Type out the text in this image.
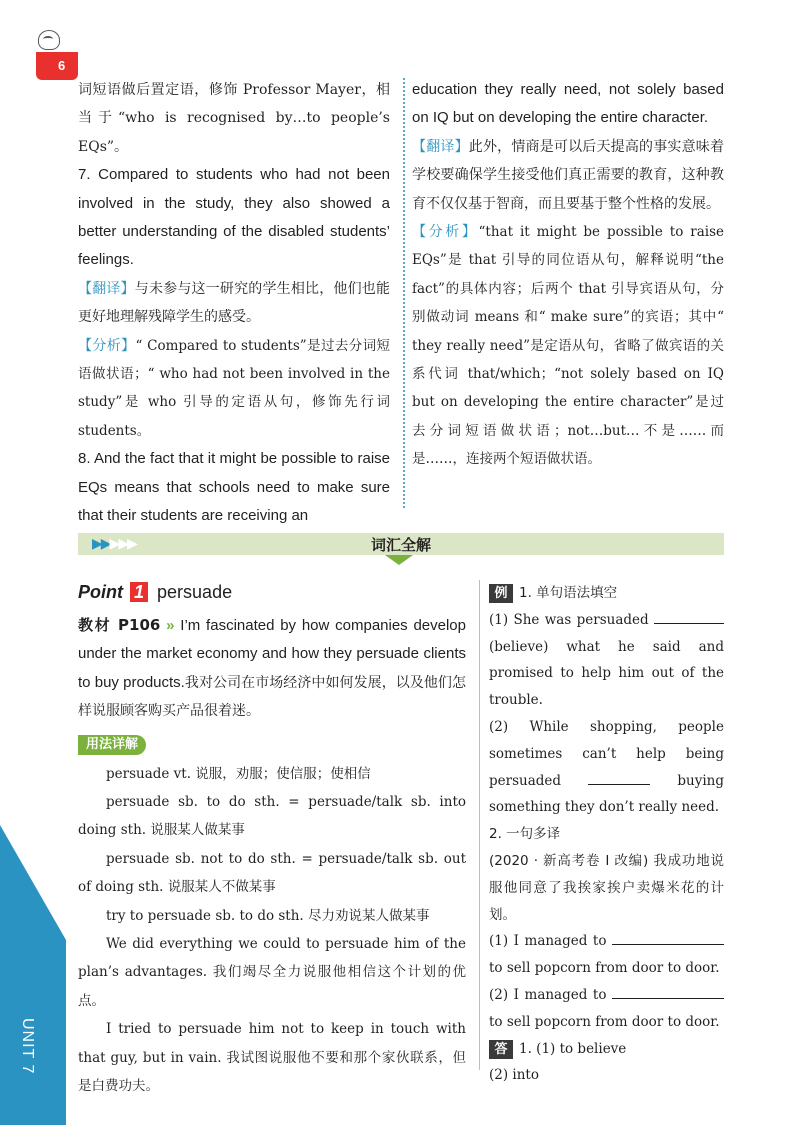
6
UNIT 7

词短语做后置定语，修饰 Professor Mayer，相当于“who is recognised by…to people’s EQs”。

7. Compared to students who had not been involved in the study, they also showed a better understanding of the disabled students’ feelings.

【翻译】与未参与这一研究的学生相比，他们也能更好地理解残障学生的感受。

【分析】“ Compared to students”是过去分词短语做状语；“ who had not been involved in the study”是 who 引导的定语从句，修饰先行词 students。

8. And the fact that it might be possible to raise EQs means that schools need to make sure that their students are receiving an

education they really need, not solely based on IQ but on developing the entire character.

【翻译】此外，情商是可以后天提高的事实意味着学校要确保学生接受他们真正需要的教育，这种教育不仅仅基于智商，而且要基于整个性格的发展。

【分析】“that it might be possible to raise EQs”是 that 引导的同位语从句，解释说明“the fact”的具体内容；后两个 that 引导宾语从句，分别做动词 means 和“ make sure”的宾语；其中“ they really need”是定语从句，省略了做宾语的关系代词 that/which；“not solely based on IQ but on developing the entire character”是过去分词短语做状语；not…but…不是……而是……，连接两个短语做状语。

▶▶▶▶▶	词汇全解
Point 1 persuade

教材 P106 » I’m fascinated by how companies develop under the market economy and how they persuade clients to buy products.我对公司在市场经济中如何发展，以及他们怎样说服顾客购买产品很着迷。

用法详解

persuade vt. 说服，劝服；使信服；使相信

persuade sb. to do sth. = persuade/talk sb. into doing sth. 说服某人做某事

persuade sb. not to do sth. = persuade/talk sb. out of doing sth. 说服某人不做某事

try to persuade sb. to do sth. 尽力劝说某人做某事

We did everything we could to persuade him of the plan’s advantages. 我们竭尽全力说服他相信这个计划的优点。

I tried to persuade him not to keep in touch with that guy, but in vain. 我试图说服他不要和那个家伙联系，但是白费功夫。

例 1. 单句语法填空

(1) She was persuaded  (believe) what he said and promised to help him out of the trouble.

(2) While shopping, people sometimes can’t help being persuaded	buying something they don’t really need.

2. 一句多译

(2020 · 新高考卷 I 改编) 我成功地说服他同意了我挨家挨户卖爆米花的计划。

(1) I managed to  to sell popcorn from door to door.

(2) I managed to  to sell popcorn from door to door.

答 1. (1) to believe

(2) into
